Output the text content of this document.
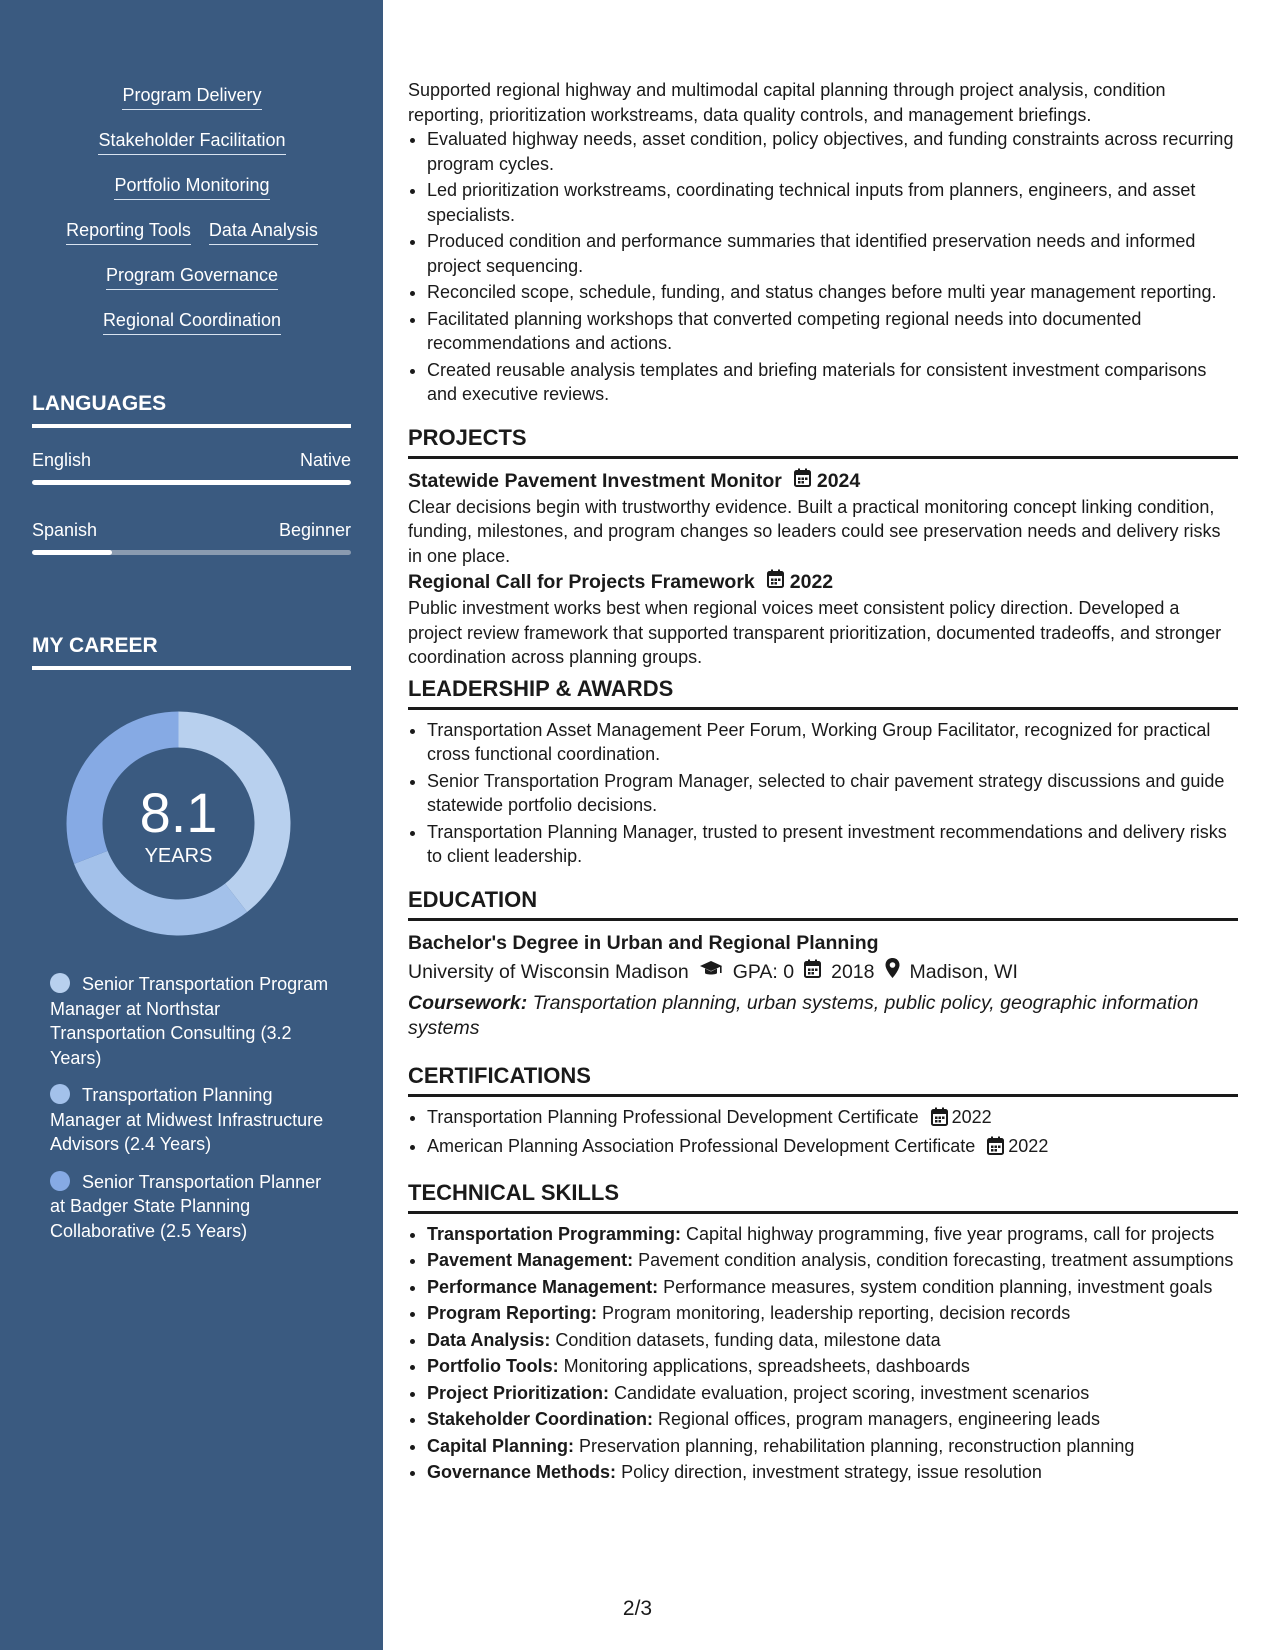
Program Delivery
Stakeholder Facilitation
Portfolio Monitoring
Reporting Tools Data Analysis
Program Governance
Regional Coordination
LANGUAGES
English	Native
Spanish	Beginner
MY CAREER
8.1
YEARS
Senior Transportation Program Manager at Northstar Transportation Consulting (3.2 Years)
Transportation Planning Manager at Midwest Infrastructure Advisors (2.4 Years)
Senior Transportation Planner at Badger State Planning Collaborative (2.5 Years)

Supported regional highway and multimodal capital planning through project analysis, condition reporting, prioritization workstreams, data quality controls, and management briefings.

• Evaluated highway needs, asset condition, policy objectives, and funding constraints across recurring program cycles.
• Led prioritization workstreams, coordinating technical inputs from planners, engineers, and asset specialists.
• Produced condition and performance summaries that identified preservation needs and informed project sequencing.
• Reconciled scope, schedule, funding, and status changes before multi year management reporting.
• Facilitated planning workshops that converted competing regional needs into documented recommendations and actions.
• Created reusable analysis templates and briefing materials for consistent investment comparisons and executive reviews.
PROJECTS
Statewide Pavement Investment Monitor 2024

Clear decisions begin with trustworthy evidence. Built a practical monitoring concept linking condition, funding, milestones, and program changes so leaders could see preservation needs and delivery risks in one place.

Regional Call for Projects Framework 2022

Public investment works best when regional voices meet consistent policy direction. Developed a project review framework that supported transparent prioritization, documented tradeoffs, and stronger coordination across planning groups.

LEADERSHIP & AWARDS
• Transportation Asset Management Peer Forum, Working Group Facilitator, recognized for practical cross functional coordination.
• Senior Transportation Program Manager, selected to chair pavement strategy discussions and guide statewide portfolio decisions.
• Transportation Planning Manager, trusted to present investment recommendations and delivery risks to client leadership.
EDUCATION
Bachelor's Degree in Urban and Regional Planning
University of Wisconsin Madison GPA: 0 2018 Madison, WI
Coursework: Transportation planning, urban systems, public policy, geographic information systems
CERTIFICATIONS
• Transportation Planning Professional Development Certificate 2022
• American Planning Association Professional Development Certificate 2022
TECHNICAL SKILLS
• Transportation Programming: Capital highway programming, five year programs, call for projects
• Pavement Management: Pavement condition analysis, condition forecasting, treatment assumptions
• Performance Management: Performance measures, system condition planning, investment goals
• Program Reporting: Program monitoring, leadership reporting, decision records
• Data Analysis: Condition datasets, funding data, milestone data
• Portfolio Tools: Monitoring applications, spreadsheets, dashboards
• Project Prioritization: Candidate evaluation, project scoring, investment scenarios
• Stakeholder Coordination: Regional offices, program managers, engineering leads
• Capital Planning: Preservation planning, rehabilitation planning, reconstruction planning
• Governance Methods: Policy direction, investment strategy, issue resolution
2/3
